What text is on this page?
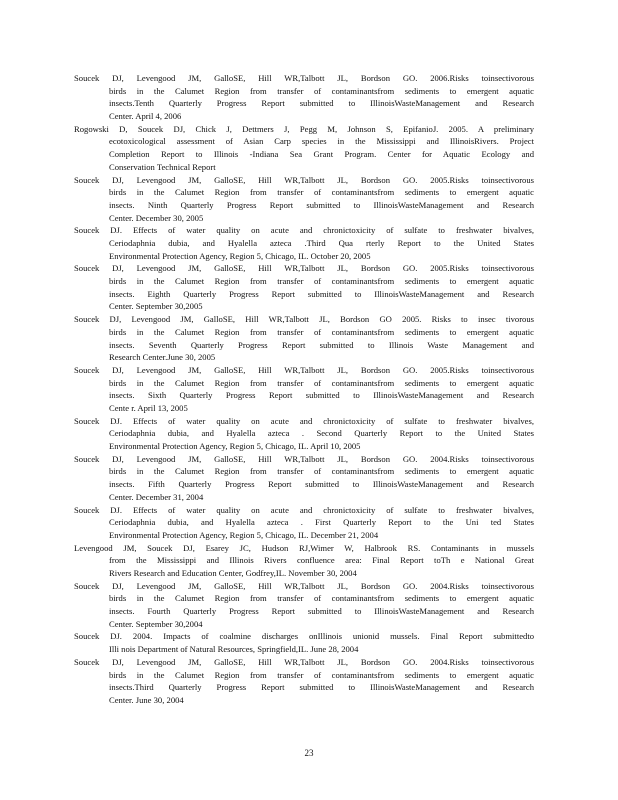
Soucek DJ, Levengood JM, GalloSE, Hill WR,Talbott JL, Bordson GO. 2006.Risks toinsectivorous
birds in the Calumet Region from transfer of contaminantsfrom sediments to emergent aquatic
insects.Tenth Quarterly Progress Report submitted to IllinoisWasteManagement and Research
Center. April 4, 2006
Rogowski D, Soucek DJ, Chick J, Dettmers J, Pegg M, Johnson S, EpifanioJ. 2005. A preliminary
ecotoxicological assessment of Asian Carp species in the Mississippi and IllinoisRivers. Project
Completion Report to Illinois -Indiana Sea Grant Program. Center for Aquatic Ecology and
Conservation Technical Report
Soucek DJ, Levengood JM, GalloSE, Hill WR,Talbott JL, Bordson GO. 2005.Risks toinsectivorous
birds in the Calumet Region from transfer of contaminantsfrom sediments to emergent aquatic
insects. Ninth Quarterly Progress Report submitted to IllinoisWasteManagement and Research
Center. December 30, 2005
Soucek DJ. Effects of water quality on acute and chronictoxicity of sulfate to freshwater bivalves,
Ceriodaphnia dubia, and Hyalella azteca .Third Qua rterly Report to the United States
Environmental Protection Agency, Region 5, Chicago, IL. October 20, 2005
Soucek DJ, Levengood JM, GalloSE, Hill WR,Talbott JL, Bordson GO. 2005.Risks toinsectivorous
birds in the Calumet Region from transfer of contaminantsfrom sediments to emergent aquatic
insects. Eighth Quarterly Progress Report submitted to IllinoisWasteManagement and Research
Center. September 30,2005
Soucek DJ, Levengood JM, GalloSE, Hill WR,Talbott JL, Bordson GO 2005. Risks to insec tivorous
birds in the Calumet Region from transfer of contaminantsfrom sediments to emergent aquatic
insects. Seventh Quarterly Progress Report submitted to Illinois Waste Management and
Research Center.June 30, 2005
Soucek DJ, Levengood JM, GalloSE, Hill WR,Talbott JL, Bordson GO. 2005.Risks toinsectivorous
birds in the Calumet Region from transfer of contaminantsfrom sediments to emergent aquatic
insects. Sixth Quarterly Progress Report submitted to IllinoisWasteManagement and Research
Cente r. April 13, 2005
Soucek DJ. Effects of water quality on acute and chronictoxicity of sulfate to freshwater bivalves,
Ceriodaphnia dubia, and Hyalella azteca . Second Quarterly Report to the United States
Environmental Protection Agency, Region 5, Chicago, IL. April 10, 2005
Soucek DJ, Levengood JM, GalloSE, Hill WR,Talbott JL, Bordson GO. 2004.Risks toinsectivorous
birds in the Calumet Region from transfer of contaminantsfrom sediments to emergent aquatic
insects. Fifth Quarterly Progress Report submitted to IllinoisWasteManagement and Research
Center. December 31, 2004
Soucek DJ. Effects of water quality on acute and chronictoxicity of sulfate to freshwater bivalves,
Ceriodaphnia dubia, and Hyalella azteca . First Quarterly Report to the Uni ted States
Environmental Protection Agency, Region 5, Chicago, IL. December 21, 2004
Levengood JM, Soucek DJ, Esarey JC, Hudson RJ,Wimer W, Halbrook RS. Contaminants in mussels
from the Mississippi and Illinois Rivers confluence area: Final Report toTh e National Great
Rivers Research and Education Center, Godfrey,IL. November 30, 2004
Soucek DJ, Levengood JM, GalloSE, Hill WR,Talbott JL, Bordson GO. 2004.Risks toinsectivorous
birds in the Calumet Region from transfer of contaminantsfrom sediments to emergent aquatic
insects. Fourth Quarterly Progress Report submitted to IllinoisWasteManagement and Research
Center. September 30,2004
Soucek DJ. 2004. Impacts of coalmine discharges onIllinois unionid mussels. Final Report submittedto
Illi nois Department of Natural Resources, Springfield,IL. June 28, 2004
Soucek DJ, Levengood JM, GalloSE, Hill WR,Talbott JL, Bordson GO. 2004.Risks toinsectivorous
birds in the Calumet Region from transfer of contaminantsfrom sediments to emergent aquatic
insects.Third Quarterly Progress Report submitted to IllinoisWasteManagement and Research
Center. June 30, 2004
23
